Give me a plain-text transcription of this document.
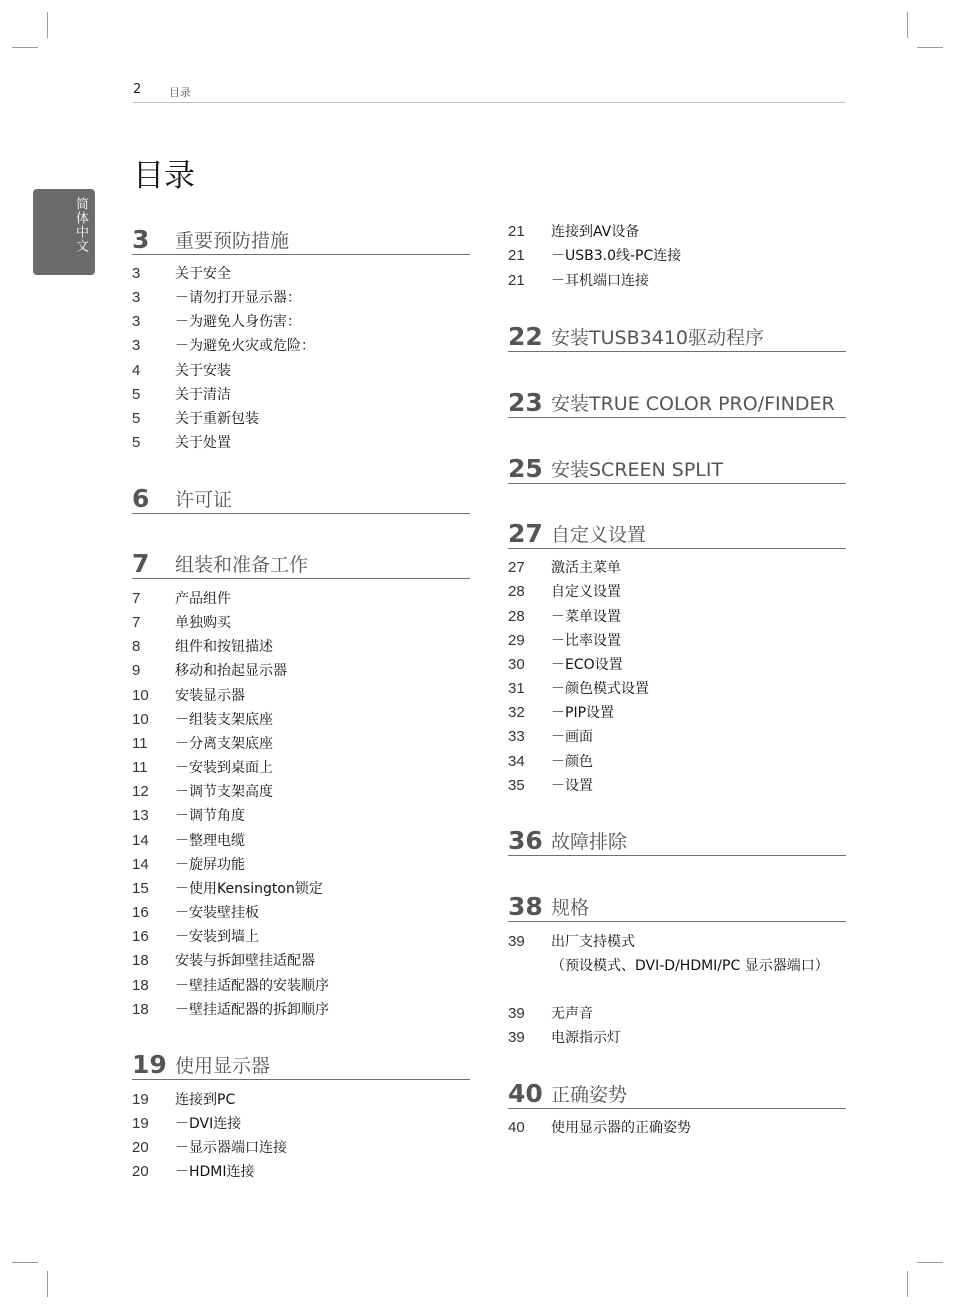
2	目录
目录
简体中文 3 重要预防措施
3 关于安全
3 －请勿打开显示器：
3 －为避免人身伤害：
3 －为避免火灾或危险：
4 关于安装
5 关于清洁
5 关于重新包装
5 关于处置
6 许可证
7 组装和准备工作
7 产品组件
7 单独购买
8 组件和按钮描述
9 移动和抬起显示器
10 安装显示器
10 －组装支架底座
11 －分离支架底座
11 －安装到桌面上
12 －调节支架高度
13 －调节角度
14 －整理电缆
14 －旋屏功能
15 －使用Kensington锁定
16 －安装壁挂板
16 －安装到墙上
18 安装与拆卸壁挂适配器
18 －壁挂适配器的安装顺序
18 －壁挂适配器的拆卸顺序
19 使用显示器
19 连接到PC
19 －DVI连接
20 －显示器端口连接
20 －HDMI连接
21 连接到AV设备
21 －USB3.0线-PC连接
21 －耳机端口连接
22 安装TUSB3410驱动程序
23 安装TRUE COLOR PRO/FINDER
25 安装SCREEN SPLIT
27 自定义设置
27 激活主菜单
28 自定义设置
28 －菜单设置
29 －比率设置
30 －ECO设置
31 －颜色模式设置
32 －PIP设置
33 －画面
34 －颜色
35 －设置
36 故障排除
38 规格
39 出厂支持模式
（预设模式、DVI-D/HDMI/PC 显示器端口）
39 无声音
39 电源指示灯
40 正确姿势
40 使用显示器的正确姿势
